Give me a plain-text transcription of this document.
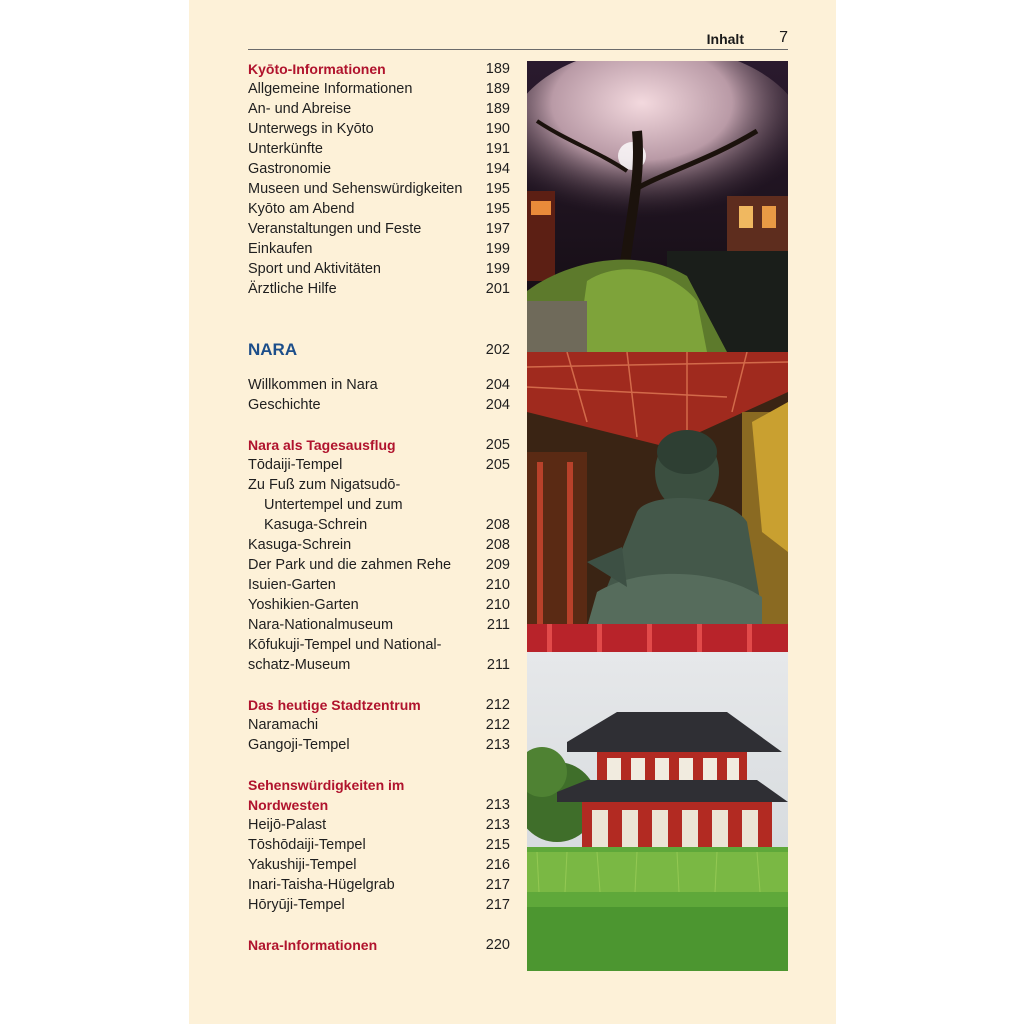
Inhalt 7
Kyōto-Informationen	189
Allgemeine Informationen	189
An- und Abreise	189
Unterwegs in Kyōto	190
Unterkünfte	191
Gastronomie	194
Museen und Sehenswürdigkeiten 195
Kyōto am Abend	195
Veranstaltungen und Feste	197
Einkaufen	199
Sport und Aktivitäten	199
Ärztliche Hilfe	201
NARA	202
Willkommen in Nara	204
Geschichte	204
Nara als Tagesausflug	205
Tōdaiji-Tempel	205
Zu Fuß zum Nigatsudō-
Untertempel und zum
Kasuga-Schrein	208
Kasuga-Schrein	208
Der Park und die zahmen Rehe 209
Isuien-Garten	210
Yoshikien-Garten	210
Nara-Nationalmuseum	211
Kōfukuji-Tempel und National-
schatz-Museum	211
Das heutige Stadtzentrum	212
Naramachi	212
Gangoji-Tempel	213
Sehenswürdigkeiten im
Nordwesten	213
Heijō-Palast	213
Tōshōdaiji-Tempel	215
Yakushiji-Tempel	216
Inari-Taisha-Hügelgrab	217
Hōryūji-Tempel	217
Nara-Informationen	220
